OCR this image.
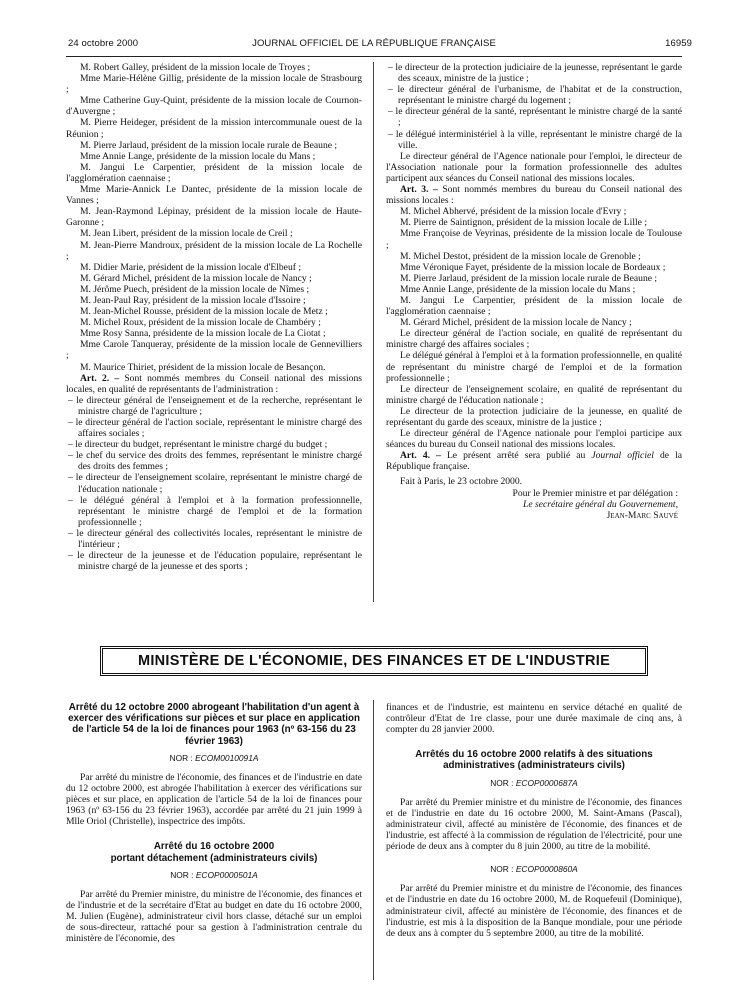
24 octobre 2000	JOURNAL OFFICIEL DE LA RÉPUBLIQUE FRANÇAISE	16959

M. Robert Galley, président de la mission locale de Troyes ;

Mme Marie-Hélène Gillig, présidente de la mission locale de Strasbourg ;

Mme Catherine Guy-Quint, présidente de la mission locale de Cournon-d'Auvergne ;

M. Pierre Heideger, président de la mission intercommunale ouest de la Réunion ;

M. Pierre Jarlaud, président de la mission locale rurale de Beaune ;

Mme Annie Lange, présidente de la mission locale du Mans ;

M. Jangui Le Carpentier, président de la mission locale de l'agglomération caennaise ;

Mme Marie-Annick Le Dantec, présidente de la mission locale de Vannes ;

M. Jean-Raymond Lépinay, président de la mission locale de Haute-Garonne ;

M. Jean Libert, président de la mission locale de Creil ;

M. Jean-Pierre Mandroux, président de la mission locale de La Rochelle ;

M. Didier Marie, président de la mission locale d'Elbeuf ;

M. Gérard Michel, président de la mission locale de Nancy ;

M. Jérôme Puech, président de la mission locale de Nîmes ;

M. Jean-Paul Ray, président de la mission locale d'Issoire ;

M. Jean-Michel Rousse, président de la mission locale de Metz ;

M. Michel Roux, président de la mission locale de Chambéry ;

Mme Rosy Sanna, présidente de la mission locale de La Ciotat ;

Mme Carole Tanqueray, présidente de la mission locale de Gennevilliers ;

M. Maurice Thiriet, président de la mission locale de Besançon.

Art. 2. – Sont nommés membres du Conseil national des missions locales, en qualité de représentants de l'administration :

– le directeur général de l'enseignement et de la recherche, représentant le ministre chargé de l'agriculture ;

– le directeur général de l'action sociale, représentant le ministre chargé des affaires sociales ;

– le directeur du budget, représentant le ministre chargé du budget ;

– le chef du service des droits des femmes, représentant le ministre chargé des droits des femmes ;

– le directeur de l'enseignement scolaire, représentant le ministre chargé de l'éducation nationale ;

– le délégué général à l'emploi et à la formation professionnelle, représentant le ministre chargé de l'emploi et de la formation professionnelle ;

– le directeur général des collectivités locales, représentant le ministre de l'intérieur ;

– le directeur de la jeunesse et de l'éducation populaire, représentant le ministre chargé de la jeunesse et des sports ;

– le directeur de la protection judiciaire de la jeunesse, représentant le garde des sceaux, ministre de la justice ;

– le directeur général de l'urbanisme, de l'habitat et de la construction, représentant le ministre chargé du logement ;

– le directeur général de la santé, représentant le ministre chargé de la santé ;

– le délégué interministériel à la ville, représentant le ministre chargé de la ville.

Le directeur général de l'Agence nationale pour l'emploi, le directeur de l'Association nationale pour la formation professionnelle des adultes participent aux séances du Conseil national des missions locales.

Art. 3. – Sont nommés membres du bureau du Conseil national des missions locales :

M. Michel Abhervé, président de la mission locale d'Evry ;

M. Pierre de Saintignon, président de la mission locale de Lille ;

Mme Françoise de Veyrinas, présidente de la mission locale de Toulouse ;

M. Michel Destot, président de la mission locale de Grenoble ;

Mme Véronique Fayet, présidente de la mission locale de Bordeaux ;

M. Pierre Jarlaud, président de la mission locale rurale de Beaune ;

Mme Annie Lange, présidente de la mission locale du Mans ;

M. Jangui Le Carpentier, président de la mission locale de l'agglomération caennaise ;

M. Gérard Michel, président de la mission locale de Nancy ;

Le directeur général de l'action sociale, en qualité de représentant du ministre chargé des affaires sociales ;

Le délégué général à l'emploi et à la formation professionnelle, en qualité de représentant du ministre chargé de l'emploi et de la formation professionnelle ;

Le directeur de l'enseignement scolaire, en qualité de représentant du ministre chargé de l'éducation nationale ;

Le directeur de la protection judiciaire de la jeunesse, en qualité de représentant du garde des sceaux, ministre de la justice ;

Le directeur général de l'Agence nationale pour l'emploi participe aux séances du bureau du Conseil national des missions locales.

Art. 4. – Le présent arrêté sera publié au Journal officiel de la République française.

Fait à Paris, le 23 octobre 2000.

Pour le Premier ministre et par délégation :

Le secrétaire général du Gouvernement,

Jean-Marc Sauvé

MINISTÈRE DE L'ÉCONOMIE, DES FINANCES ET DE L'INDUSTRIE

Arrêté du 12 octobre 2000 abrogeant l'habilitation d'un agent à exercer des vérifications sur pièces et sur place en application de l'article 54 de la loi de finances pour 1963 (nº 63-156 du 23 février 1963)

NOR : ECOM0010091A

Par arrêté du ministre de l'économie, des finances et de l'industrie en date du 12 octobre 2000, est abrogée l'habilitation à exercer des vérifications sur pièces et sur place, en application de l'article 54 de la loi de finances pour 1963 (nº 63-156 du 23 février 1963), accordée par arrêté du 21 juin 1999 à Mlle Oriol (Christelle), inspectrice des impôts.

Arrêté du 16 octobre 2000

portant détachement (administrateurs civils)

NOR : ECOP0000501A

Par arrêté du Premier ministre, du ministre de l'économie, des finances et de l'industrie et de la secrétaire d'Etat au budget en date du 16 octobre 2000, M. Julien (Eugène), administrateur civil hors classe, détaché sur un emploi de sous-directeur, rattaché pour sa gestion à l'administration centrale du ministère de l'économie, des

finances et de l'industrie, est maintenu en service détaché en qualité de contrôleur d'Etat de 1re classe, pour une durée maximale de cinq ans, à compter du 28 janvier 2000.

Arrêtés du 16 octobre 2000 relatifs à des situations administratives (administrateurs civils)

NOR : ECOP0000687A

Par arrêté du Premier ministre et du ministre de l'économie, des finances et de l'industrie en date du 16 octobre 2000, M. Saint-Amans (Pascal), administrateur civil, affecté au ministère de l'économie, des finances et de l'industrie, est affecté à la commission de régulation de l'électricité, pour une période de deux ans à compter du 8 juin 2000, au titre de la mobilité.

NOR : ECOP0000860A

Par arrêté du Premier ministre et du ministre de l'économie, des finances et de l'industrie en date du 16 octobre 2000, M. de Roquefeuil (Dominique), administrateur civil, affecté au ministère de l'économie, des finances et de l'industrie, est mis à la disposition de la Banque mondiale, pour une période de deux ans à compter du 5 septembre 2000, au titre de la mobilité.
